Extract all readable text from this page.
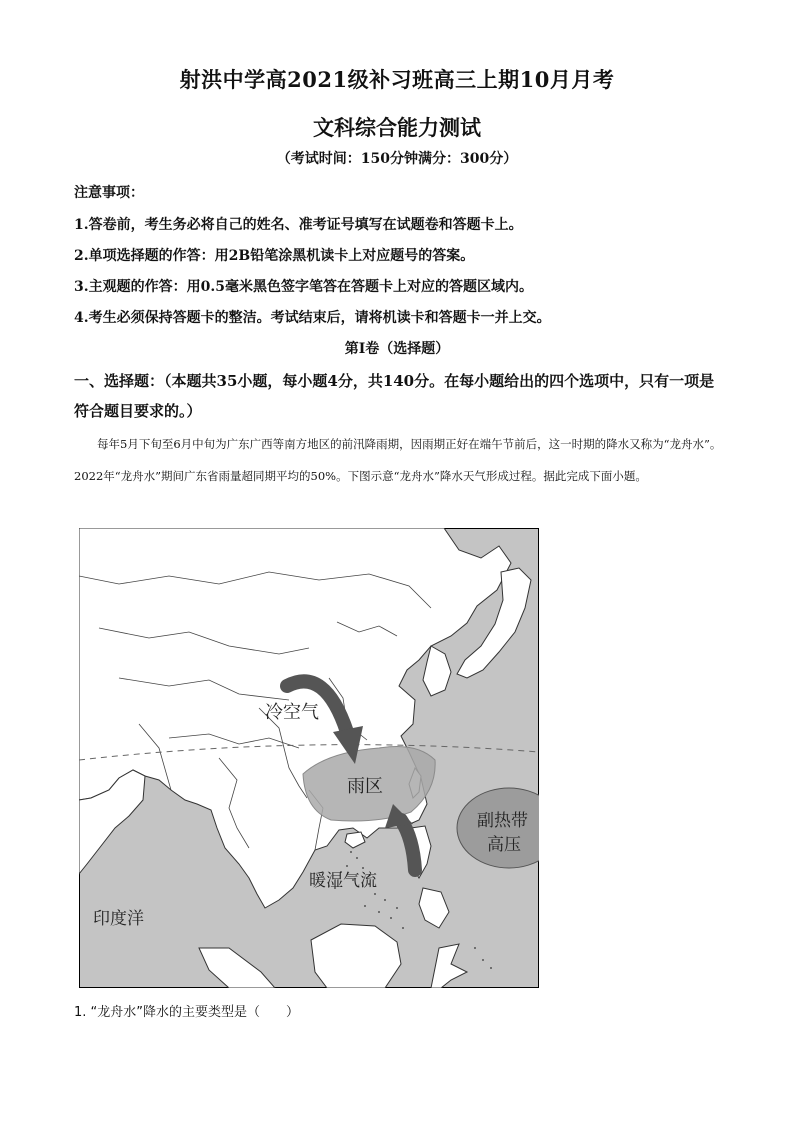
射洪中学高2021级补习班高三上期10月月考
文科综合能力测试
（考试时间：150分钟满分：300分）
注意事项：
1.答卷前，考生务必将自己的姓名、准考证号填写在试题卷和答题卡上。
2.单项选择题的作答：用2B铅笔涂黑机读卡上对应题号的答案。
3.主观题的作答：用0.5毫米黑色签字笔答在答题卡上对应的答题区域内。
4.考生必须保持答题卡的整洁。考试结束后，请将机读卡和答题卡一并上交。
第I卷（选择题）
一、选择题：（本题共35小题，每小题4分，共140分。在每小题给出的四个选项中，只有一项是符合题目要求的。）
每年5月下旬至6月中旬为广东广西等南方地区的前汛降雨期，因雨期正好在端午节前后，这一时期的降水又称为“龙舟水”。2022年“龙舟水”期间广东省雨量超同期平均的50%。下图示意“龙舟水”降水天气形成过程。据此完成下面小题。
冷空气
雨区
副热带
高压
暖湿气流
印度洋
1. “龙舟水”降水的主要类型是（　　）
